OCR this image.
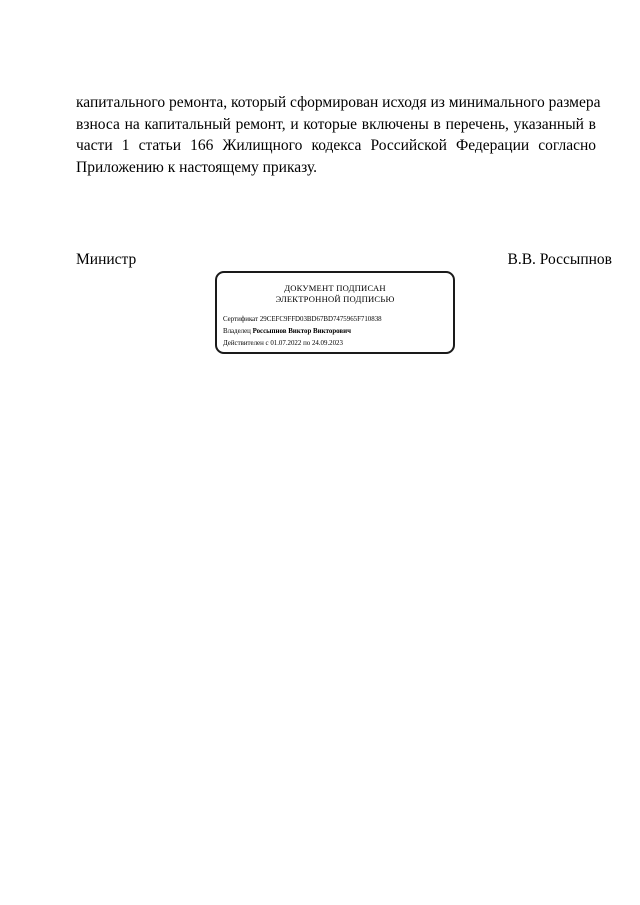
капитального ремонта, который сформирован исходя из минимального размера
взноса на капитальный ремонт, и которые включены в перечень, указанный в
части 1 статьи 166 Жилищного кодекса Российской Федерации согласно
Приложению к настоящему приказу.

Министр	В.В. Россыпнов
ДОКУМЕНТ ПОДПИСАН
ЭЛЕКТРОННОЙ ПОДПИСЬЮ
Сертификат 29CEFC9FFD03BD67BD7475965F710838
Владелец Россыпнов Виктор Викторович
Действителен с 01.07.2022 по 24.09.2023
